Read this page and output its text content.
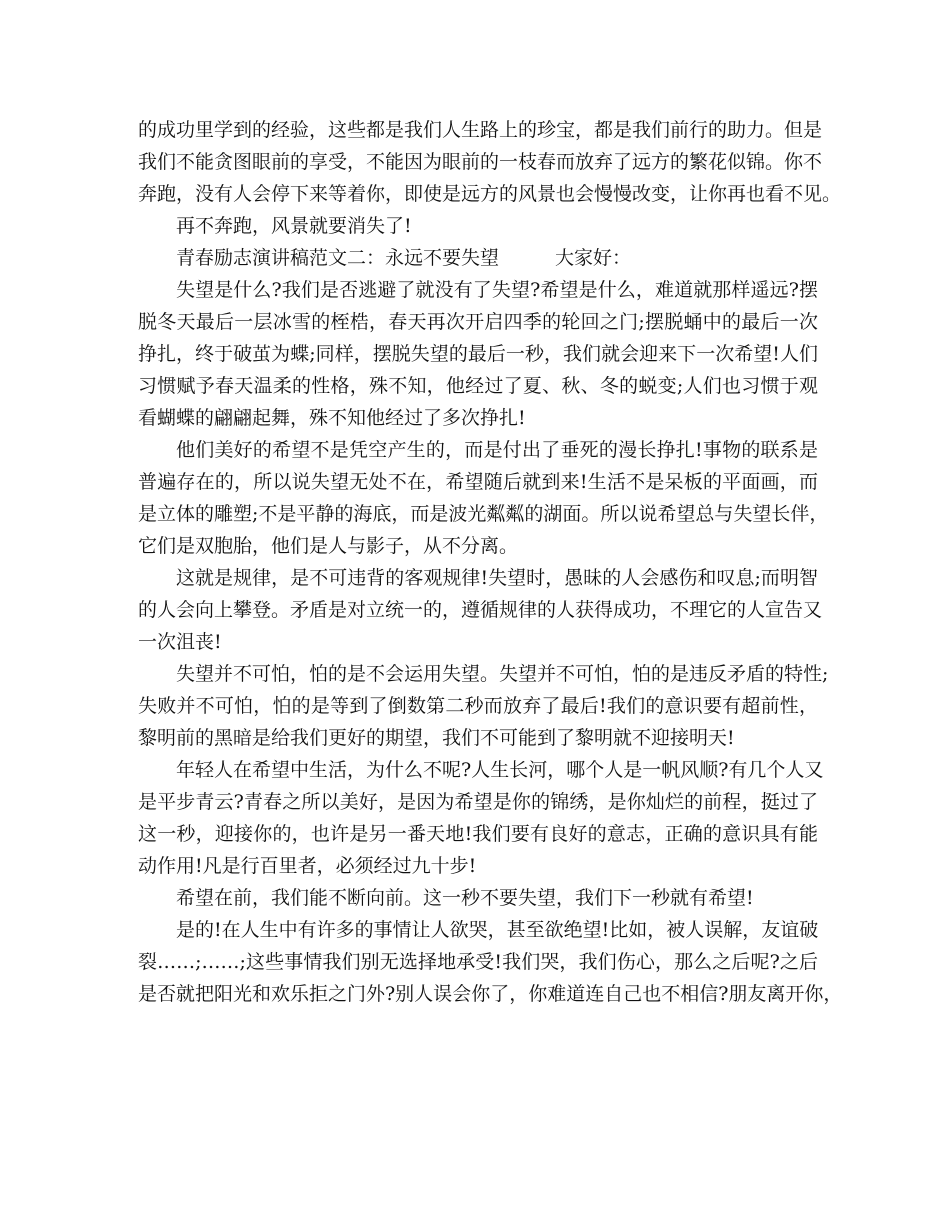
的成功里学到的经验，这些都是我们人生路上的珍宝，都是我们前行的助力。但是
我们不能贪图眼前的享受，不能因为眼前的一枝春而放弃了远方的繁花似锦。你不
奔跑，没有人会停下来等着你，即使是远方的风景也会慢慢改变，让你再也看不见。
再不奔跑，风景就要消失了!
青春励志演讲稿范文二：永远不要失望	大家好：
失望是什么?我们是否逃避了就没有了失望?希望是什么，难道就那样遥远?摆
脱冬天最后一层冰雪的桎梏，春天再次开启四季的轮回之门;摆脱蛹中的最后一次
挣扎，终于破茧为蝶;同样，摆脱失望的最后一秒，我们就会迎来下一次希望!人们
习惯赋予春天温柔的性格，殊不知，他经过了夏、秋、冬的蜕变;人们也习惯于观
看蝴蝶的翩翩起舞，殊不知他经过了多次挣扎!
他们美好的希望不是凭空产生的，而是付出了垂死的漫长挣扎!事物的联系是
普遍存在的，所以说失望无处不在，希望随后就到来!生活不是呆板的平面画，而
是立体的雕塑;不是平静的海底，而是波光粼粼的湖面。所以说希望总与失望长伴，
它们是双胞胎，他们是人与影子，从不分离。
这就是规律，是不可违背的客观规律!失望时，愚昧的人会感伤和叹息;而明智
的人会向上攀登。矛盾是对立统一的，遵循规律的人获得成功，不理它的人宣告又
一次沮丧!
失望并不可怕，怕的是不会运用失望。失望并不可怕，怕的是违反矛盾的特性;
失败并不可怕，怕的是等到了倒数第二秒而放弃了最后!我们的意识要有超前性，
黎明前的黑暗是给我们更好的期望，我们不可能到了黎明就不迎接明天!
年轻人在希望中生活，为什么不呢?人生长河，哪个人是一帆风顺?有几个人又
是平步青云?青春之所以美好，是因为希望是你的锦绣，是你灿烂的前程，挺过了
这一秒，迎接你的，也许是另一番天地!我们要有良好的意志，正确的意识具有能
动作用!凡是行百里者，必须经过九十步!
希望在前，我们能不断向前。这一秒不要失望，我们下一秒就有希望!
是的!在人生中有许多的事情让人欲哭，甚至欲绝望!比如，被人误解，友谊破
裂……;……;这些事情我们别无选择地承受!我们哭，我们伤心，那么之后呢?之后
是否就把阳光和欢乐拒之门外?别人误会你了，你难道连自己也不相信?朋友离开你，
